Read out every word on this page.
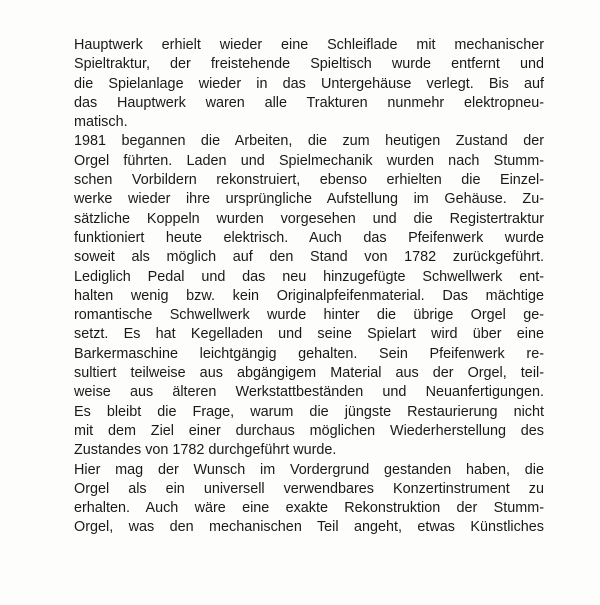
Hauptwerk erhielt wieder eine Schleiflade mit mechanischer
Spieltraktur, der freistehende Spieltisch wurde entfernt und
die Spielanlage wieder in das Untergehäuse verlegt. Bis auf
das Hauptwerk waren alle Trakturen nunmehr elektropneu-
matisch.
1981 begannen die Arbeiten, die zum heutigen Zustand der
Orgel führten. Laden und Spielmechanik wurden nach Stumm-
schen Vorbildern rekonstruiert, ebenso erhielten die Einzel-
werke wieder ihre ursprüngliche Aufstellung im Gehäuse. Zu-
sätzliche Koppeln wurden vorgesehen und die Registertraktur
funktioniert heute elektrisch. Auch das Pfeifenwerk wurde
soweit als möglich auf den Stand von 1782 zurückgeführt.
Lediglich Pedal und das neu hinzugefügte Schwellwerk ent-
halten wenig bzw. kein Originalpfeifenmaterial. Das mächtige
romantische Schwellwerk wurde hinter die übrige Orgel ge-
setzt. Es hat Kegelladen und seine Spielart wird über eine
Barkermaschine leichtgängig gehalten. Sein Pfeifenwerk re-
sultiert teilweise aus abgängigem Material aus der Orgel, teil-
weise aus älteren Werkstattbeständen und Neuanfertigungen.
Es bleibt die Frage, warum die jüngste Restaurierung nicht
mit dem Ziel einer durchaus möglichen Wiederherstellung des
Zustandes von 1782 durchgeführt wurde.
Hier mag der Wunsch im Vordergrund gestanden haben, die
Orgel als ein universell verwendbares Konzertinstrument zu
erhalten. Auch wäre eine exakte Rekonstruktion der Stumm-
Orgel, was den mechanischen Teil angeht, etwas Künstliches
